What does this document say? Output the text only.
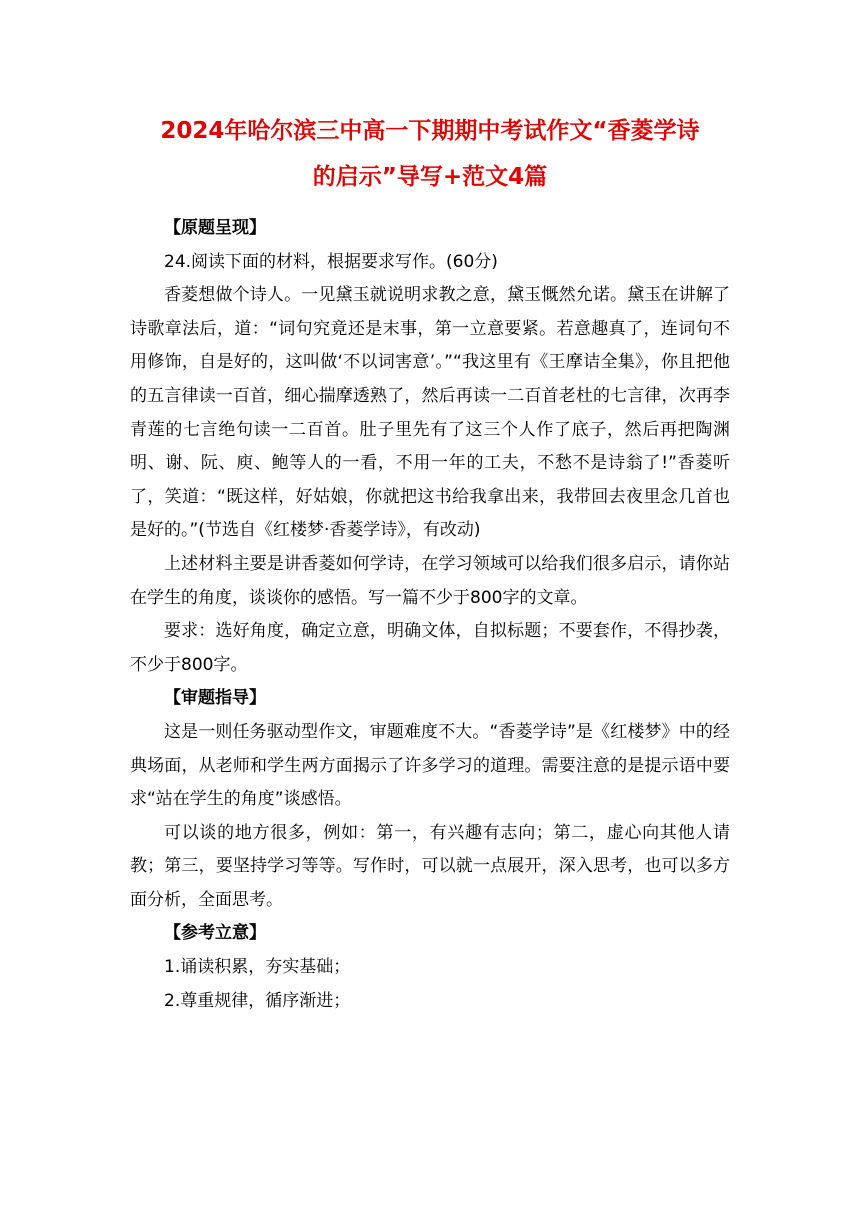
2024年哈尔滨三中高一下期期中考试作文“香菱学诗
的启示”导写+范文4篇

【原题呈现】

24.阅读下面的材料，根据要求写作。(60分)

香菱想做个诗人。一见黛玉就说明求教之意，黛玉慨然允诺。黛玉在讲解了诗歌章法后，道：“词句究竟还是末事，第一立意要紧。若意趣真了，连词句不用修饰，自是好的，这叫做‘不以词害意’。”“我这里有《王摩诘全集》，你且把他的五言律读一百首，细心揣摩透熟了，然后再读一二百首老杜的七言律，次再李青莲的七言绝句读一二百首。肚子里先有了这三个人作了底子，然后再把陶渊明、谢、阮、庾、鲍等人的一看，不用一年的工夫，不愁不是诗翁了!”香菱听了，笑道：“既这样，好姑娘，你就把这书给我拿出来，我带回去夜里念几首也是好的。”(节选自《红楼梦·香菱学诗》，有改动)

上述材料主要是讲香菱如何学诗，在学习领域可以给我们很多启示，请你站在学生的角度，谈谈你的感悟。写一篇不少于800字的文章。

要求：选好角度，确定立意，明确文体，自拟标题；不要套作，不得抄袭，不少于800字。

【审题指导】

这是一则任务驱动型作文，审题难度不大。“香菱学诗”是《红楼梦》中的经典场面，从老师和学生两方面揭示了许多学习的道理。需要注意的是提示语中要求“站在学生的角度”谈感悟。

可以谈的地方很多，例如：第一，有兴趣有志向；第二，虚心向其他人请教；第三，要坚持学习等等。写作时，可以就一点展开，深入思考，也可以多方面分析，全面思考。

【参考立意】

1.诵读积累，夯实基础；

2.尊重规律，循序渐进；
